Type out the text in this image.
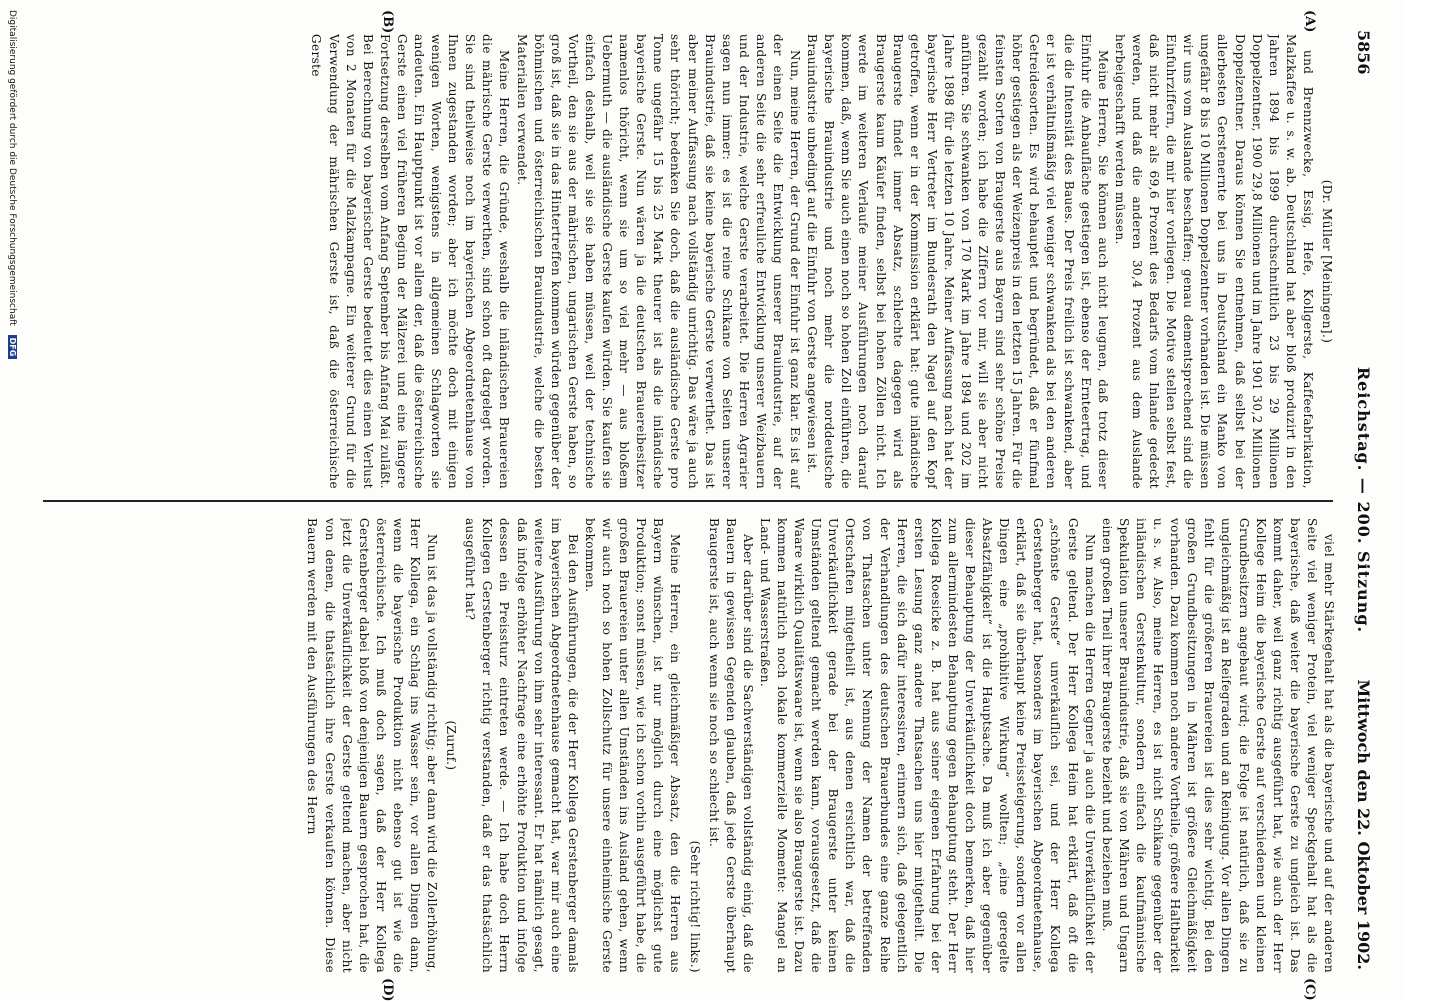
5856
Reichstag. — 200. Sitzung.
Mittwoch den 22. Oktober 1902.
(A)
(B)
(C)
(D)

(Dr. Müller [Meiningen].)

und Brennzwecke, Essig, Hefe, Kollgerste, Kaffeefabrikation, Malzkaffee u. s. w. ab. Deutschland hat aber bloß produzirt in den Jahren 1894 bis 1899 durchschnittlich 23 bis 29 Millionen Doppelzentner, 1900 29,8 Millionen und im Jahre 1901 30,2 Millionen Doppelzentner. Daraus können Sie entnehmen, daß selbst bei der allerbesten Gerstenernte bei uns in Deutschland ein Manko von ungefähr 8 bis 10 Millionen Doppelzentner vorhanden ist. Die müssen wir uns vom Auslande beschaffen; genau dementsprechend sind die Einfuhrziffern, die mir hier vorliegen. Die Motive stellen selbst fest, daß nicht mehr als 69,6 Prozent des Bedarfs vom Inlande gedeckt werden, und daß die anderen 30,4 Prozent aus dem Auslande herbeigeschafft werden müssen.

Meine Herren, Sie können auch nicht leugnen, daß trotz dieser Einfuhr die Anbaufläche gestiegen ist, ebenso der Ernteertrag, und die die Intensität des Baues. Der Preis freilich ist schwankend, aber er ist verhältnißmäßig viel weniger schwankend als bei den anderen Getreidesorten. Es wird behauptet und begründet, daß er fünfmal höher gestiegen als der Weizenpreis in den letzten 15 Jahren. Für die feinsten Sorten von Braugerste aus Bayern sind sehr schöne Preise gezahlt worden; ich habe die Ziffern vor mir, will sie aber nicht anführen. Sie schwanken von 170 Mark im Jahre 1894 und 202 im Jahre 1898 für die letzten 10 Jahre. Meiner Auffassung nach hat der bayerische Herr Vertreter im Bundesrath den Nagel auf den Kopf getroffen, wenn er in der Kommission erklärt hat: gute inländische Braugerste findet immer Absatz, schlechte dagegen wird als Braugerste kaum Käufer finden, selbst bei hohen Zöllen nicht. Ich werde im weiteren Verlaufe meiner Ausführungen noch darauf kommen, daß, wenn Sie auch einen noch so hohen Zoll einführen, die bayerische Brauindustrie und noch mehr die norddeutsche Brauindustrie unbedingt auf die Einfuhr von Gerste angewiesen ist.

Nun, meine Herren, der Grund der Einfuhr ist ganz klar. Es ist auf der einen Seite die Entwicklung unserer Brauindustrie, auf der anderen Seite die sehr erfreuliche Entwicklung unserer Weizbauern und der Industrie, welche Gerste verarbeitet. Die Herren Agrarier sagen nun immer: es ist die reine Schikane von Seiten unserer Brauindustrie, daß sie keine bayerische Gerste verwerthet. Das ist aber meiner Auffassung nach vollständig unrichtig. Das wäre ja auch sehr thöricht; bedenken Sie doch, daß die ausländische Gerste pro Tonne ungefähr 15 bis 25 Mark theurer ist als die inländische bayerische Gerste. Nun wären ja die deutschen Brauereibesitzer namenlos thöricht, wenn sie um so viel mehr — aus bloßem Uebermuth — die ausländische Gerste kaufen würden. Sie kaufen sie einfach deshalb, weil sie sie haben müssen, weil der technische Vortheil, den sie aus der mährischen, ungarischen Gerste haben, so groß ist, daß sie in das Hintertreffen kommen würden gegenüber der böhmischen und österreichischen Brauindustrie, welche die besten Materialien verwendet.

Meine Herren, die Gründe, weshalb die inländischen Brauereien die mährische Gerste verwerthen, sind schon oft dargelegt worden. Sie sind theilweise noch im bayerischen Abgeordnetenhause von Ihnen zugestanden worden; aber ich möchte doch mit einigen wenigen Worten, wenigstens in allgemeinen Schlagworten sie andeuten. Ein Hauptpunkt ist vor allem der, daß die österreichische Gerste einen viel früheren Beginn der Mälzerei und eine längere Fortsetzung derselben vom Anfang September bis Anfang Mai zuläßt. Bei Berechnung von bayerischer Gerste bedeutet dies einen Verlust von 2 Monaten für die Malzkampagne. Ein weiterer Grund für die Verwendung der mährischen Gerste ist, daß die österreichische Gerste

viel mehr Stärkegehalt hat als die bayerische und auf der anderen Seite viel weniger Protein, viel weniger Speckgehalt hat als die bayerische, daß weiter die bayerische Gerste zu ungleich ist. Das kommt daher, weil ganz richtig ausgeführt hat, wie auch der Herr Kollege Heim die bayerische Gerste auf verschiedenen und kleinen Grundbesitzern angebaut wird; die Folge ist natürlich, daß sie zu ungleichmäßig ist an Reifegraden und an Reinigung. Vor allen Dingen fehlt für die größeren Brauereien ist dies sehr wichtig. Bei den großen Grundbesitzungen in Mähren ist größere Gleichmäßigkeit vorhanden. Dazu kommen noch andere Vortheile, größere Haltbarkeit u. s. w. Also, meine Herren, es ist nicht Schikane gegenüber der inländischen Gerstenkultur, sondern einfach die kaufmännische Spekulation unserer Brauindustrie, daß sie von Mähren und Ungarn einen großen Theil ihrer Braugerste bezieht und beziehen muß.

Nun machen die Herren Gegner ja auch die Unverkäuflichkeit der Gerste geltend. Der Herr Kollega Heim hat erklärt, daß oft die „schönste Gerste“ unverkäuflich sei, und der Herr Kollega Gerstenberger hat, besonders im bayerischen Abgeordnetenhause, erklärt, daß sie überhaupt keine Preissteigerung, sondern vor allen Dingen eine „prohibitive Wirkung“ wollten; „eine geregelte Absatzfähigkeit“ ist die Hauptsache. Da muß ich aber gegenüber dieser Behauptung der Unverkäuflichkeit doch bemerken, daß hier zum allermindesten Behauptung gegen Behauptung steht. Der Herr Kollega Roesicke z. B. hat aus seiner eigenen Erfahrung bei der ersten Lesung ganz andere Thatsachen uns hier mitgetheilt. Die Herren, die sich dafür interessiren, erinnern sich, daß gelegentlich der Verhandlungen des deutschen Brauerbundes eine ganze Reihe von Thatsachen unter Nennung der Namen der betreffenden Ortschaften mitgetheilt ist, aus denen ersichtlich war, daß die Unverkäuflichkeit gerade bei der Braugerste unter keinen Umständen geltend gemacht werden kann, vorausgesetzt, daß die Waare wirklich Qualitätswaare ist, wenn sie also Braugerste ist. Dazu kommen natürlich noch lokale kommerzielle Momente: Mangel an Land- und Wasserstraßen.

Aber darüber sind die Sachverständigen vollständig einig, daß die Bauern in gewissen Gegenden glauben, daß jede Gerste überhaupt Braugerste ist, auch wenn sie noch so schlecht ist.

(Sehr richtig! links.)

Meine Herren, ein gleichmäßiger Absatz, den die Herren aus Bayern wünschen, ist nur möglich durch eine möglichst gute Produktion; sonst müssen, wie ich schon vorhin ausgeführt habe, die großen Brauereien unter allen Umständen ins Ausland gehen, wenn wir auch noch so hohen Zollschutz für unsere einheimische Gerste bekommen.

Bei den Ausführungen, die der Herr Kollega Gerstenberger damals im bayerischen Abgeordnetenhause gemacht hat, war mir auch eine weitere Ausführung von ihm sehr interessant. Er hat nämlich gesagt, daß infolge erhöhter Nachfrage eine erhöhte Produktion und infolge dessen ein Preissturz eintreten werde. — Ich habe doch Herrn Kollegen Gerstenberger richtig verstanden, daß er das thatsächlich ausgeführt hat?

(Zuruf.)

Nun ist das ja vollständig richtig; aber dann wird die Zollerhöhung, Herr Kollega, ein Schlag ins Wasser sein, vor allen Dingen dann, wenn die bayerische Produktion nicht ebenso gut ist wie die österreichische. Ich muß doch sagen, daß der Herr Kollega Gerstenberger dabei bloß von denjenigen Bauern gesprochen hat, die jetzt die Unverkäuflichkeit der Gerste geltend machen, aber nicht von denen, die thatsächlich ihre Gerste verkaufen können. Diese Bauern werden mit den Ausführungen des Herrn

Digitalisierung gefördert durch die Deutsche Forschungsgemeinschaft DFG
